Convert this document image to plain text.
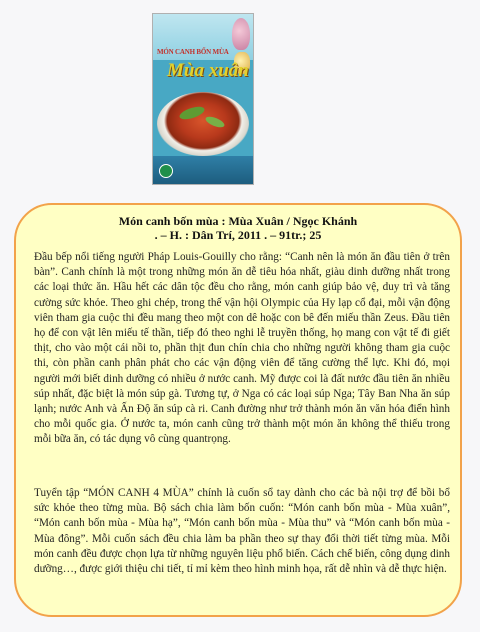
MÓN CANH BỐN MÙA
Mùa xuân
Món canh bốn mùa : Mùa Xuân / Ngọc Khánh
. – H. : Dân Trí, 2011 . – 91tr.; 25
Đầu bếp nổi tiếng người Pháp Louis-Gouilly cho rằng: “Canh nên là món ăn đầu tiên ở trên bàn”. Canh chính là một trong những món ăn dễ tiêu hóa nhất, giàu dinh dưỡng nhất trong các loại thức ăn. Hầu hết các dân tộc đều cho rằng, món canh giúp bảo vệ, duy trì và tăng cường sức khỏe. Theo ghi chép, trong thế vận hội Olympic của Hy lạp cổ đại, mỗi vận động viên tham gia cuộc thi đều mang theo một con dê hoặc con bê đến miếu thần Zeus. Đầu tiên họ để con vật lên miếu tế thần, tiếp đó theo nghi lễ truyền thống, họ mang con vật tế đi giết thịt, cho vào một cái nồi to, phần thịt đun chín chia cho những người không tham gia cuộc thi, còn phần canh phân phát cho các vận động viên để tăng cường thể lực. Khi đó, mọi người mới biết dinh dưỡng có nhiều ở nước canh. Mỹ được coi là đất nước đầu tiên ăn nhiều súp nhất, đặc biệt là món súp gà. Tương tự, ở Nga có các loại súp Nga; Tây Ban Nha ăn súp lạnh; nước Anh và Ấn Độ ăn súp cà ri. Canh đường như trở thành món ăn văn hóa điển hình cho mỗi quốc gia. Ở nước ta, món canh cũng trở thành một món ăn không thể thiếu trong mỗi bữa ăn, có tác dụng vô cùng quantrọng.
Tuyển tập “MÓN CANH 4 MÙA” chính là cuốn sổ tay dành cho các bà nội trợ để bồi bổ sức khỏe theo từng mùa. Bộ sách chia làm bốn cuốn: “Món canh bốn mùa - Mùa xuân”, “Món canh bốn mùa - Mùa hạ”, “Món canh bốn mùa - Mùa thu” và “Món canh bốn mùa - Mùa đông”. Mỗi cuốn sách đều chia làm ba phần theo sự thay đổi thời tiết từng mùa. Mỗi món canh đều được chọn lựa từ những nguyên liệu phổ biến. Cách chế biến, công dụng dinh dưỡng…, được giới thiệu chi tiết, tỉ mỉ kèm theo hình minh họa, rất dễ nhìn và dễ thực hiện.
